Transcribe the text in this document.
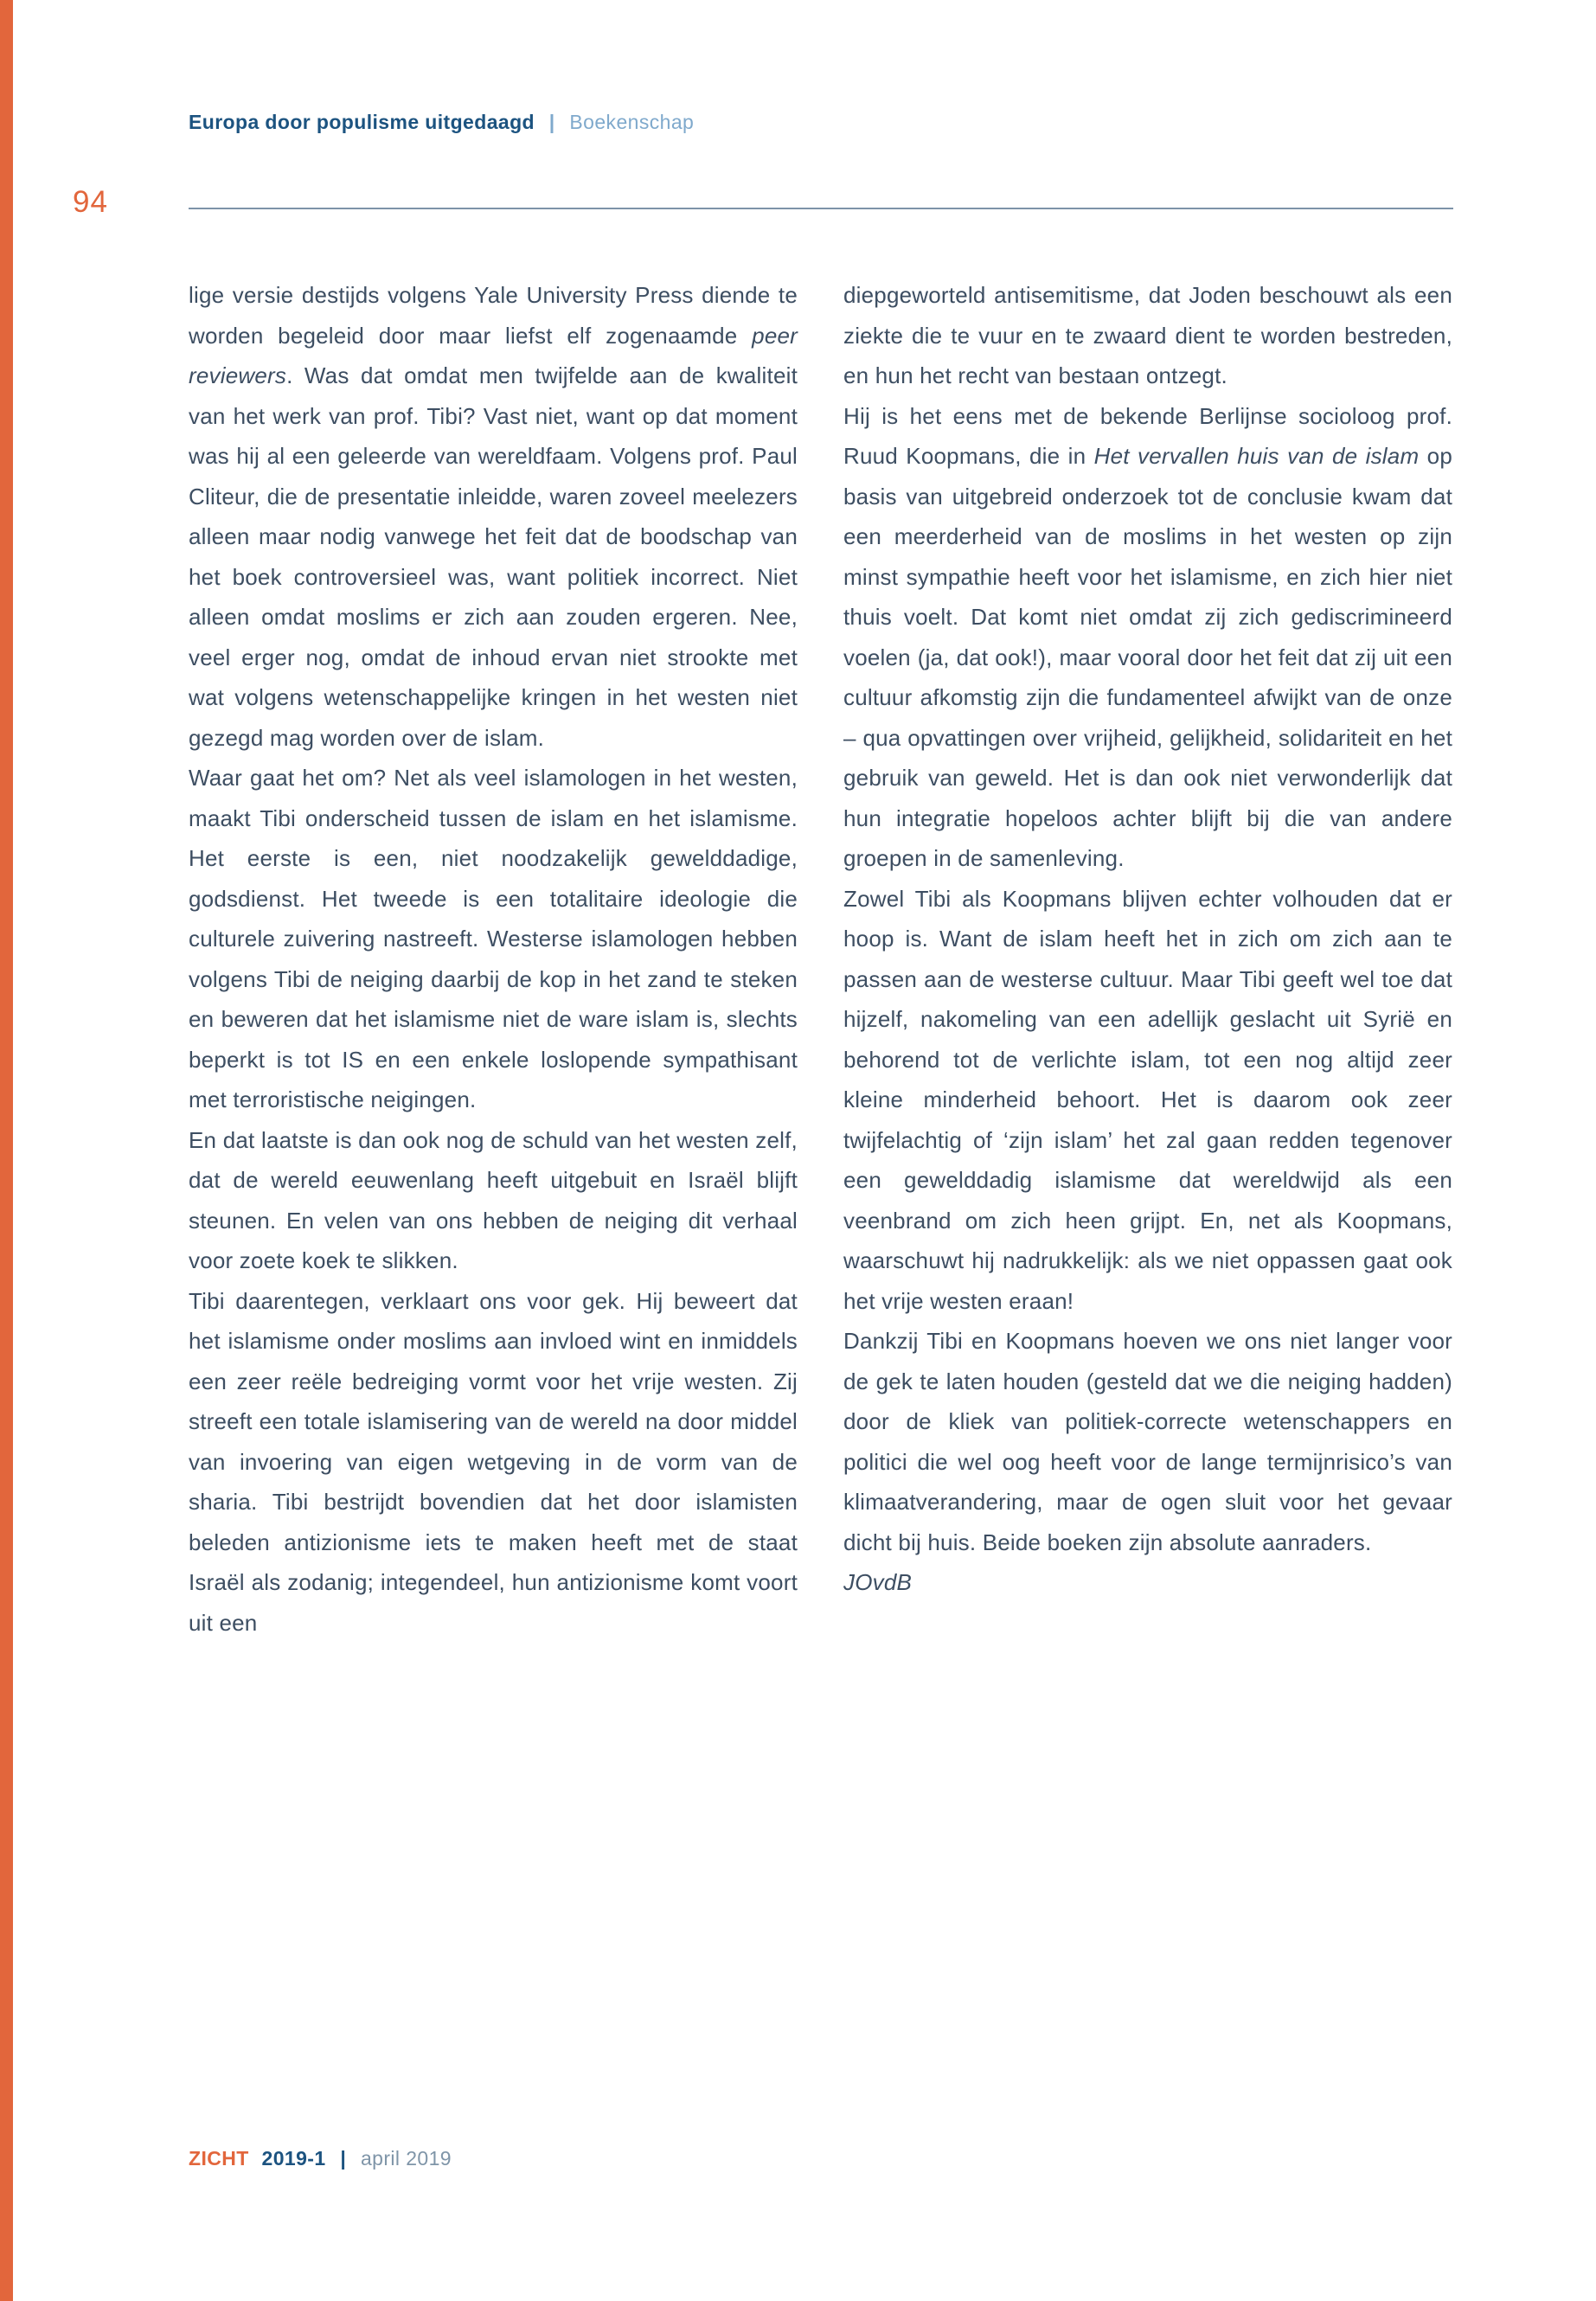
Europa door populisme uitgedaagd | Boekenschap
94

lige versie destijds volgens Yale University Press diende te worden begeleid door maar liefst elf zogenaamde peer reviewers. Was dat omdat men twijfelde aan de kwaliteit van het werk van prof. Tibi? Vast niet, want op dat moment was hij al een geleerde van wereldfaam. Volgens prof. Paul Cliteur, die de presentatie inleidde, waren zoveel meelezers alleen maar nodig vanwege het feit dat de boodschap van het boek controversieel was, want politiek incorrect. Niet alleen omdat moslims er zich aan zouden ergeren. Nee, veel erger nog, omdat de inhoud ervan niet strookte met wat volgens wetenschappelijke kringen in het westen niet gezegd mag worden over de islam.

Waar gaat het om? Net als veel islamologen in het westen, maakt Tibi onderscheid tussen de islam en het islamisme. Het eerste is een, niet noodzakelijk gewelddadige, godsdienst. Het tweede is een totalitaire ideologie die culturele zuivering nastreeft. Westerse islamologen hebben volgens Tibi de neiging daarbij de kop in het zand te steken en beweren dat het islamisme niet de ware islam is, slechts beperkt is tot IS en een enkele loslopende sympathisant met terroristische neigingen.

En dat laatste is dan ook nog de schuld van het westen zelf, dat de wereld eeuwenlang heeft uitgebuit en Israël blijft steunen. En velen van ons hebben de neiging dit verhaal voor zoete koek te slikken.

Tibi daarentegen, verklaart ons voor gek. Hij beweert dat het islamisme onder moslims aan invloed wint en inmiddels een zeer reële bedreiging vormt voor het vrije westen. Zij streeft een totale islamisering van de wereld na door middel van invoering van eigen wetgeving in de vorm van de sharia. Tibi bestrijdt bovendien dat het door islamisten beleden antizionisme iets te maken heeft met de staat Israël als zodanig; integendeel, hun antizionisme komt voort uit een

diepgeworteld antisemitisme, dat Joden beschouwt als een ziekte die te vuur en te zwaard dient te worden bestreden, en hun het recht van bestaan ontzegt.

Hij is het eens met de bekende Berlijnse socioloog prof. Ruud Koopmans, die in Het vervallen huis van de islam op basis van uitgebreid onderzoek tot de conclusie kwam dat een meerderheid van de moslims in het westen op zijn minst sympathie heeft voor het islamisme, en zich hier niet thuis voelt. Dat komt niet omdat zij zich gediscrimineerd voelen (ja, dat ook!), maar vooral door het feit dat zij uit een cultuur afkomstig zijn die fundamenteel afwijkt van de onze – qua opvattingen over vrijheid, gelijkheid, solidariteit en het gebruik van geweld. Het is dan ook niet verwonderlijk dat hun integratie hopeloos achter blijft bij die van andere groepen in de samenleving.

Zowel Tibi als Koopmans blijven echter volhouden dat er hoop is. Want de islam heeft het in zich om zich aan te passen aan de westerse cultuur. Maar Tibi geeft wel toe dat hijzelf, nakomeling van een adellijk geslacht uit Syrië en behorend tot de verlichte islam, tot een nog altijd zeer kleine minderheid behoort. Het is daarom ook zeer twijfelachtig of ‘zijn islam’ het zal gaan redden tegenover een gewelddadig islamisme dat wereldwijd als een veenbrand om zich heen grijpt. En, net als Koopmans, waarschuwt hij nadrukkelijk: als we niet oppassen gaat ook het vrije westen eraan!

Dankzij Tibi en Koopmans hoeven we ons niet langer voor de gek te laten houden (gesteld dat we die neiging hadden) door de kliek van politiek-correcte wetenschappers en politici die wel oog heeft voor de lange termijnrisico’s van klimaatverandering, maar de ogen sluit voor het gevaar dicht bij huis. Beide boeken zijn absolute aanraders.

JOvdB

ZICHT 2019-1 | april 2019
